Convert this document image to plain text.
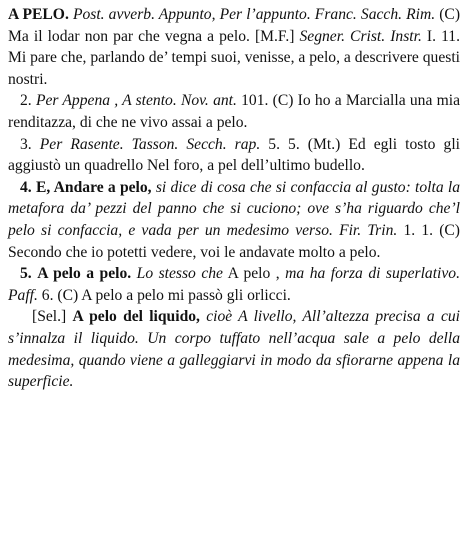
A PELO. Post. avverb. Appunto, Per l’appunto. Franc. Sacch. Rim. (C) Ma il lodar non par che vegna a pelo. [M.F.] Segner. Crist. Instr. I. 11. Mi pare che, parlando de’ tempi suoi, venisse, a pelo, a descrivere questi nostri.

2. Per Appena , A stento. Nov. ant. 101. (C) Io ho a Marcialla una mia renditazza, di che ne vivo assai a pelo.

3. Per Rasente. Tasson. Secch. rap. 5. 5. (Mt.) Ed egli tosto gli aggiustò un quadrello Nel foro, a pel dell’ultimo budello.

4. E, Andare a pelo, si dice di cosa che si confaccia al gusto: tolta la metafora da’ pezzi del panno che si cuciono; ove s’ha riguardo che’l pelo si confaccia, e vada per un medesimo verso. Fir. Trin. 1. 1. (C) Secondo che io potetti vedere, voi le andavate molto a pelo.

5. A pelo a pelo. Lo stesso che A pelo , ma ha forza di superlativo. Paff. 6. (C) A pelo a pelo mi passò gli orlicci.

[Sel.] A pelo del liquido, cioè A livello, All’altezza precisa a cui s’innalza il liquido. Un corpo tuffato nell’acqua sale a pelo della medesima, quando viene a galleggiarvi in modo da sfiorarne appena la superficie.
